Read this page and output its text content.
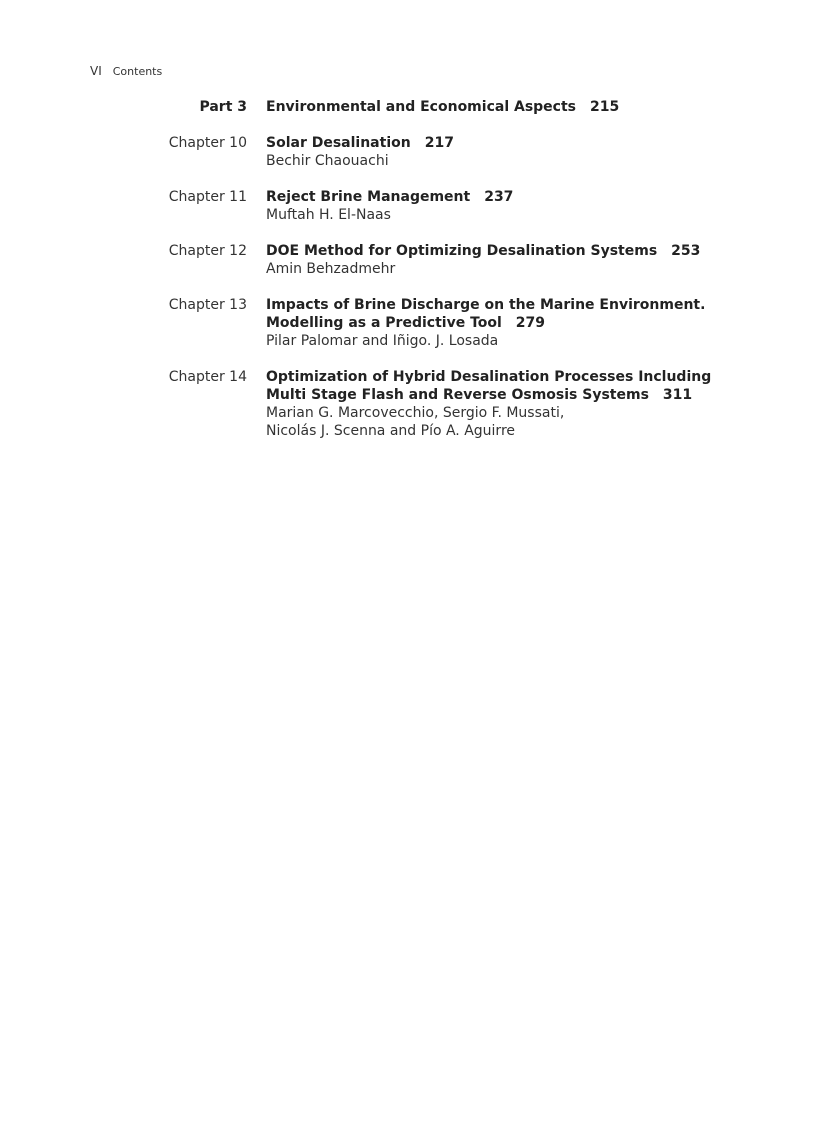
VI Contents
Part 3 Environmental and Economical Aspects 215
Chapter 10 Solar Desalination 217
Bechir Chaouachi
Chapter 11 Reject Brine Management 237
Muftah H. El-Naas
Chapter 12 DOE Method for Optimizing Desalination Systems 253
Amin Behzadmehr
Chapter 13 Impacts of Brine Discharge on the Marine Environment.
Modelling as a Predictive Tool 279
Pilar Palomar and Iñigo. J. Losada
Chapter 14 Optimization of Hybrid Desalination Processes Including
Multi Stage Flash and Reverse Osmosis Systems 311
Marian G. Marcovecchio, Sergio F. Mussati,
Nicolás J. Scenna and Pío A. Aguirre
